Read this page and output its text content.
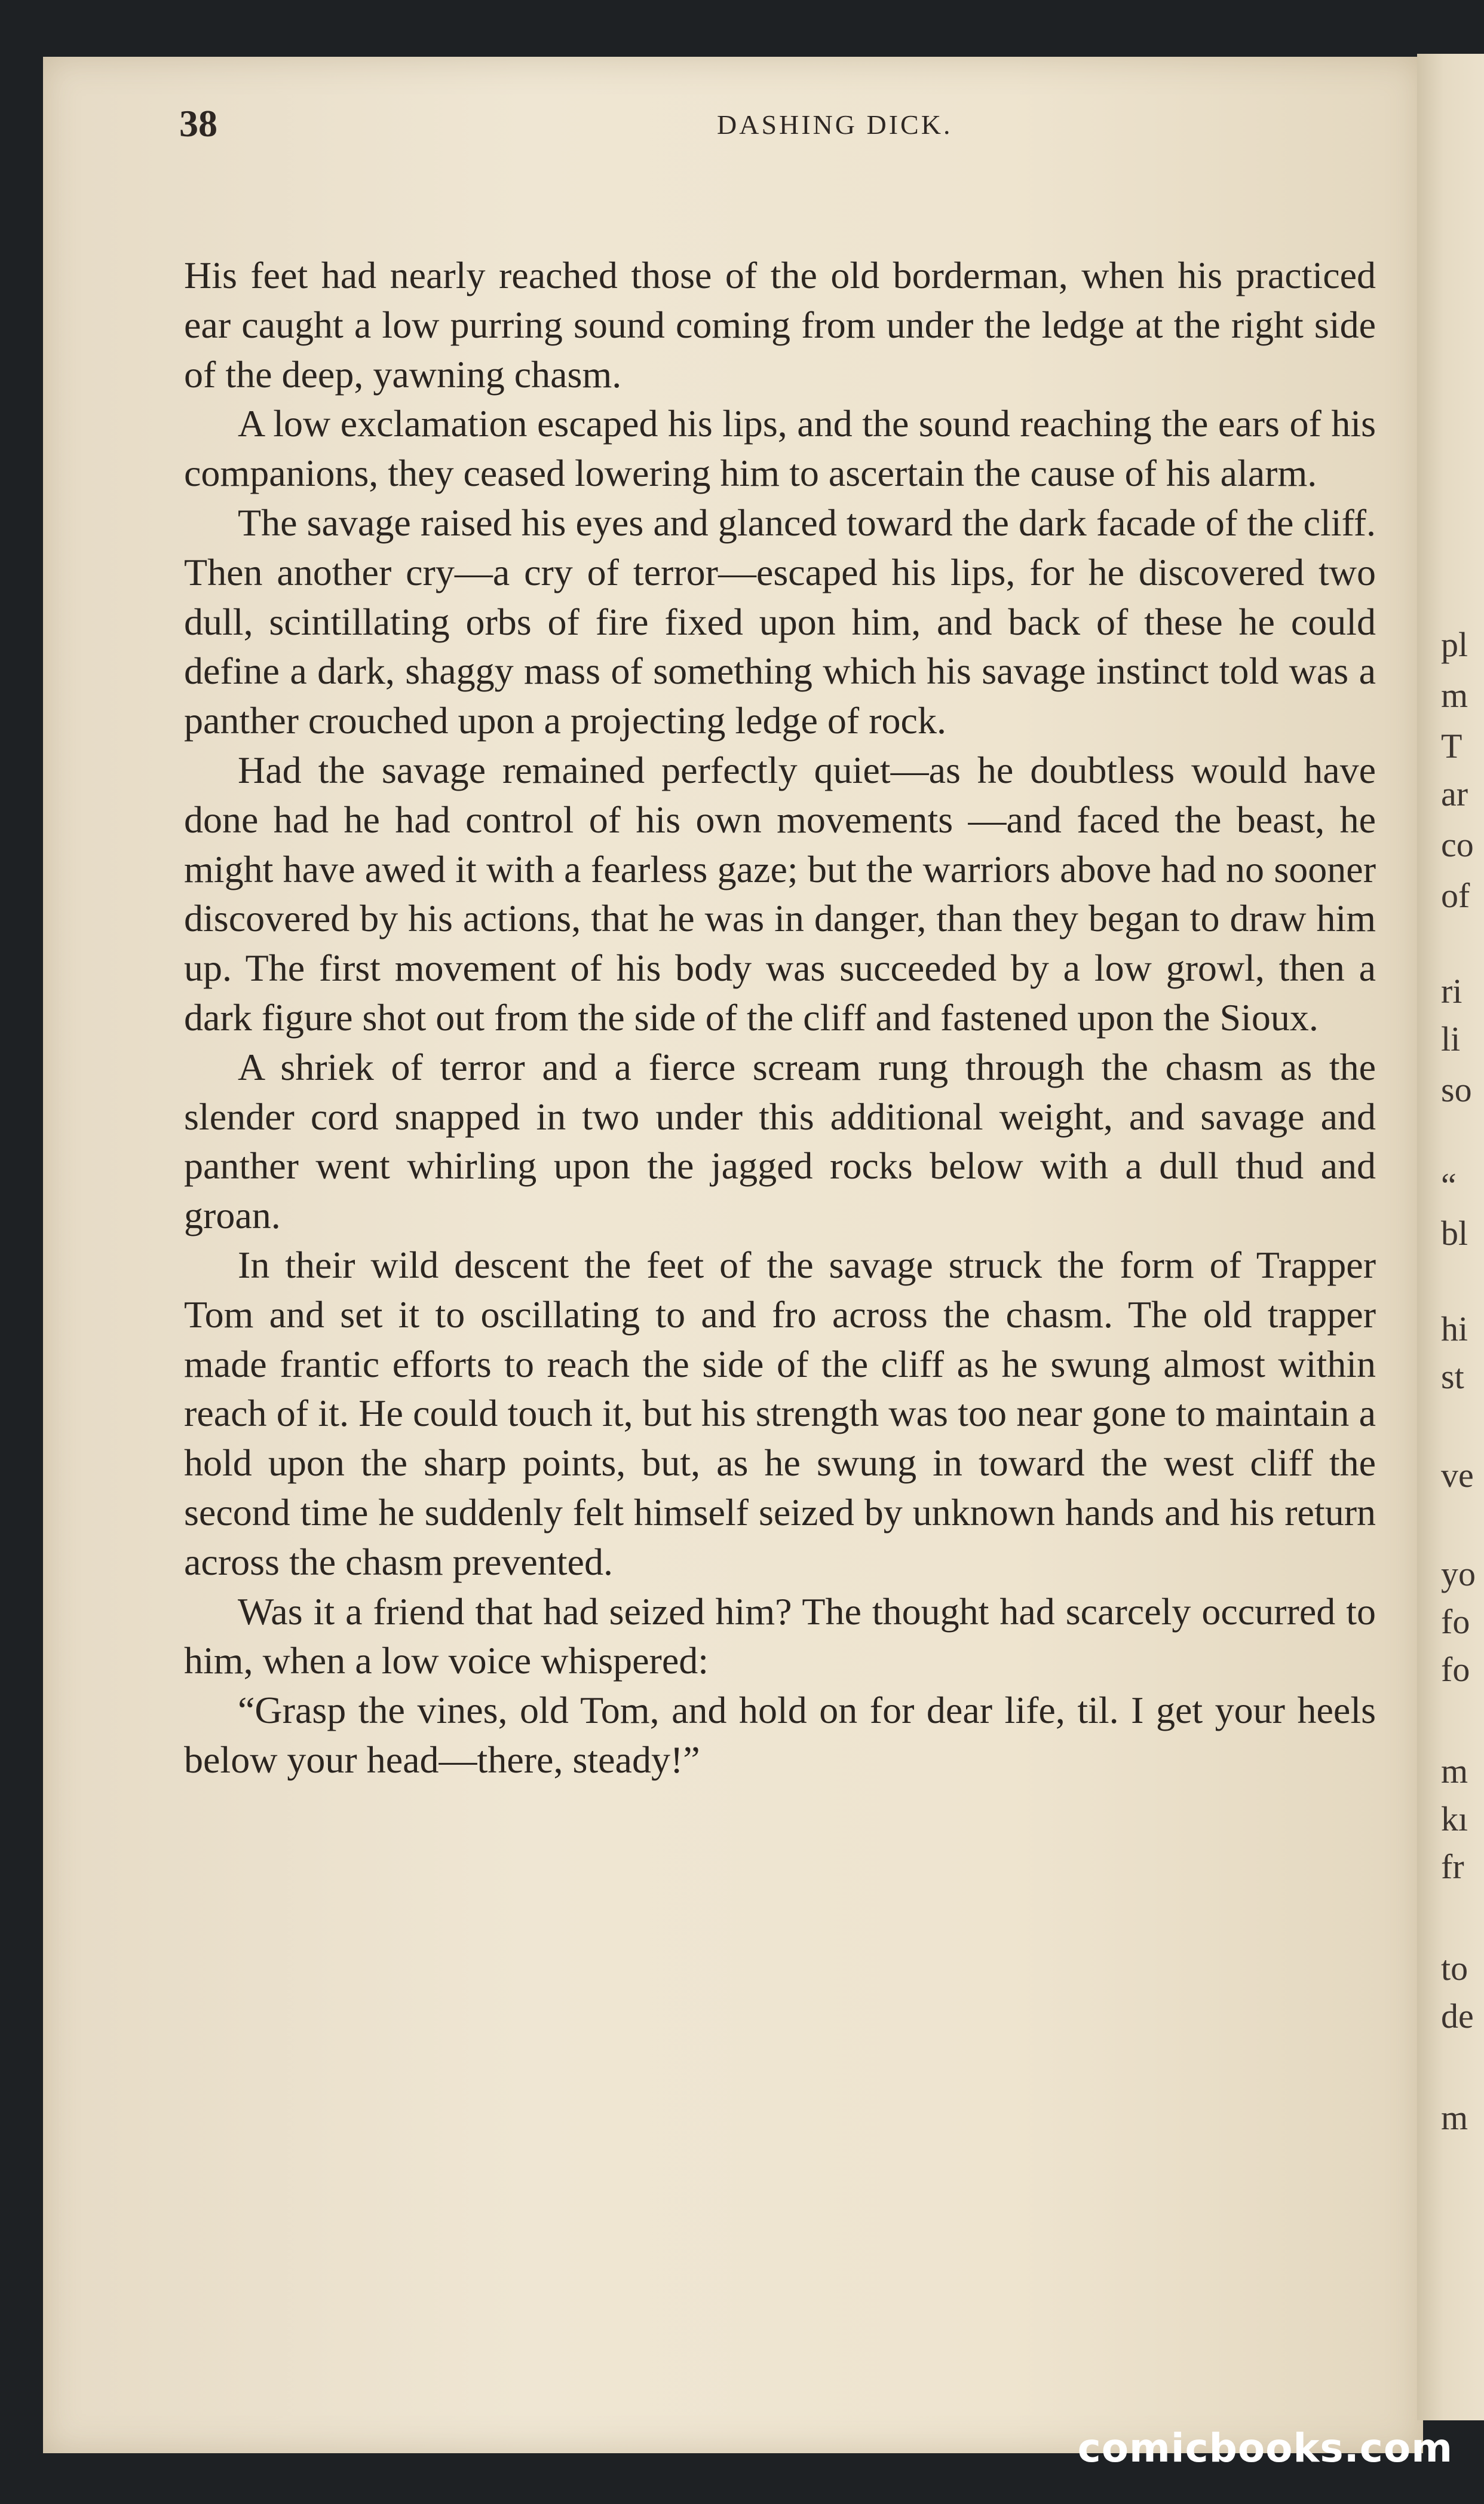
pl
m
T
ar
co
of
ri
li
so
“
bl
hi
st
ve
yo
fo
fo
m
kı
fr
to
de
m
38	DASHING DICK.

His feet had nearly reached those of the old borderman, when his practiced ear caught a low purring sound coming from under the ledge at the right side of the deep, yawning chasm.

A low exclamation escaped his lips, and the sound reaching the ears of his companions, they ceased lowering him to ascertain the cause of his alarm.

The savage raised his eyes and glanced toward the dark facade of the cliff. Then another cry—a cry of terror—escaped his lips, for he discovered two dull, scintillating orbs of fire fixed upon him, and back of these he could define a dark, shaggy mass of something which his savage instinct told was a panther crouched upon a projecting ledge of rock.

Had the savage remained perfectly quiet—as he doubtless would have done had he had control of his own movements —and faced the beast, he might have awed it with a fearless gaze; but the warriors above had no sooner discovered by his actions, that he was in danger, than they began to draw him up. The first movement of his body was succeeded by a low growl, then a dark figure shot out from the side of the cliff and fastened upon the Sioux.

A shriek of terror and a fierce scream rung through the chasm as the slender cord snapped in two under this additional weight, and savage and panther went whirling upon the jagged rocks below with a dull thud and groan.

In their wild descent the feet of the savage struck the form of Trapper Tom and set it to oscillating to and fro across the chasm. The old trapper made frantic efforts to reach the side of the cliff as he swung almost within reach of it. He could touch it, but his strength was too near gone to maintain a hold upon the sharp points, but, as he swung in toward the west cliff the second time he suddenly felt himself seized by unknown hands and his return across the chasm prevented.

Was it a friend that had seized him? The thought had scarcely occurred to him, when a low voice whispered:

“Grasp the vines, old Tom, and hold on for dear life, til. I get your heels below your head—there, steady!”

comicbooks.com
